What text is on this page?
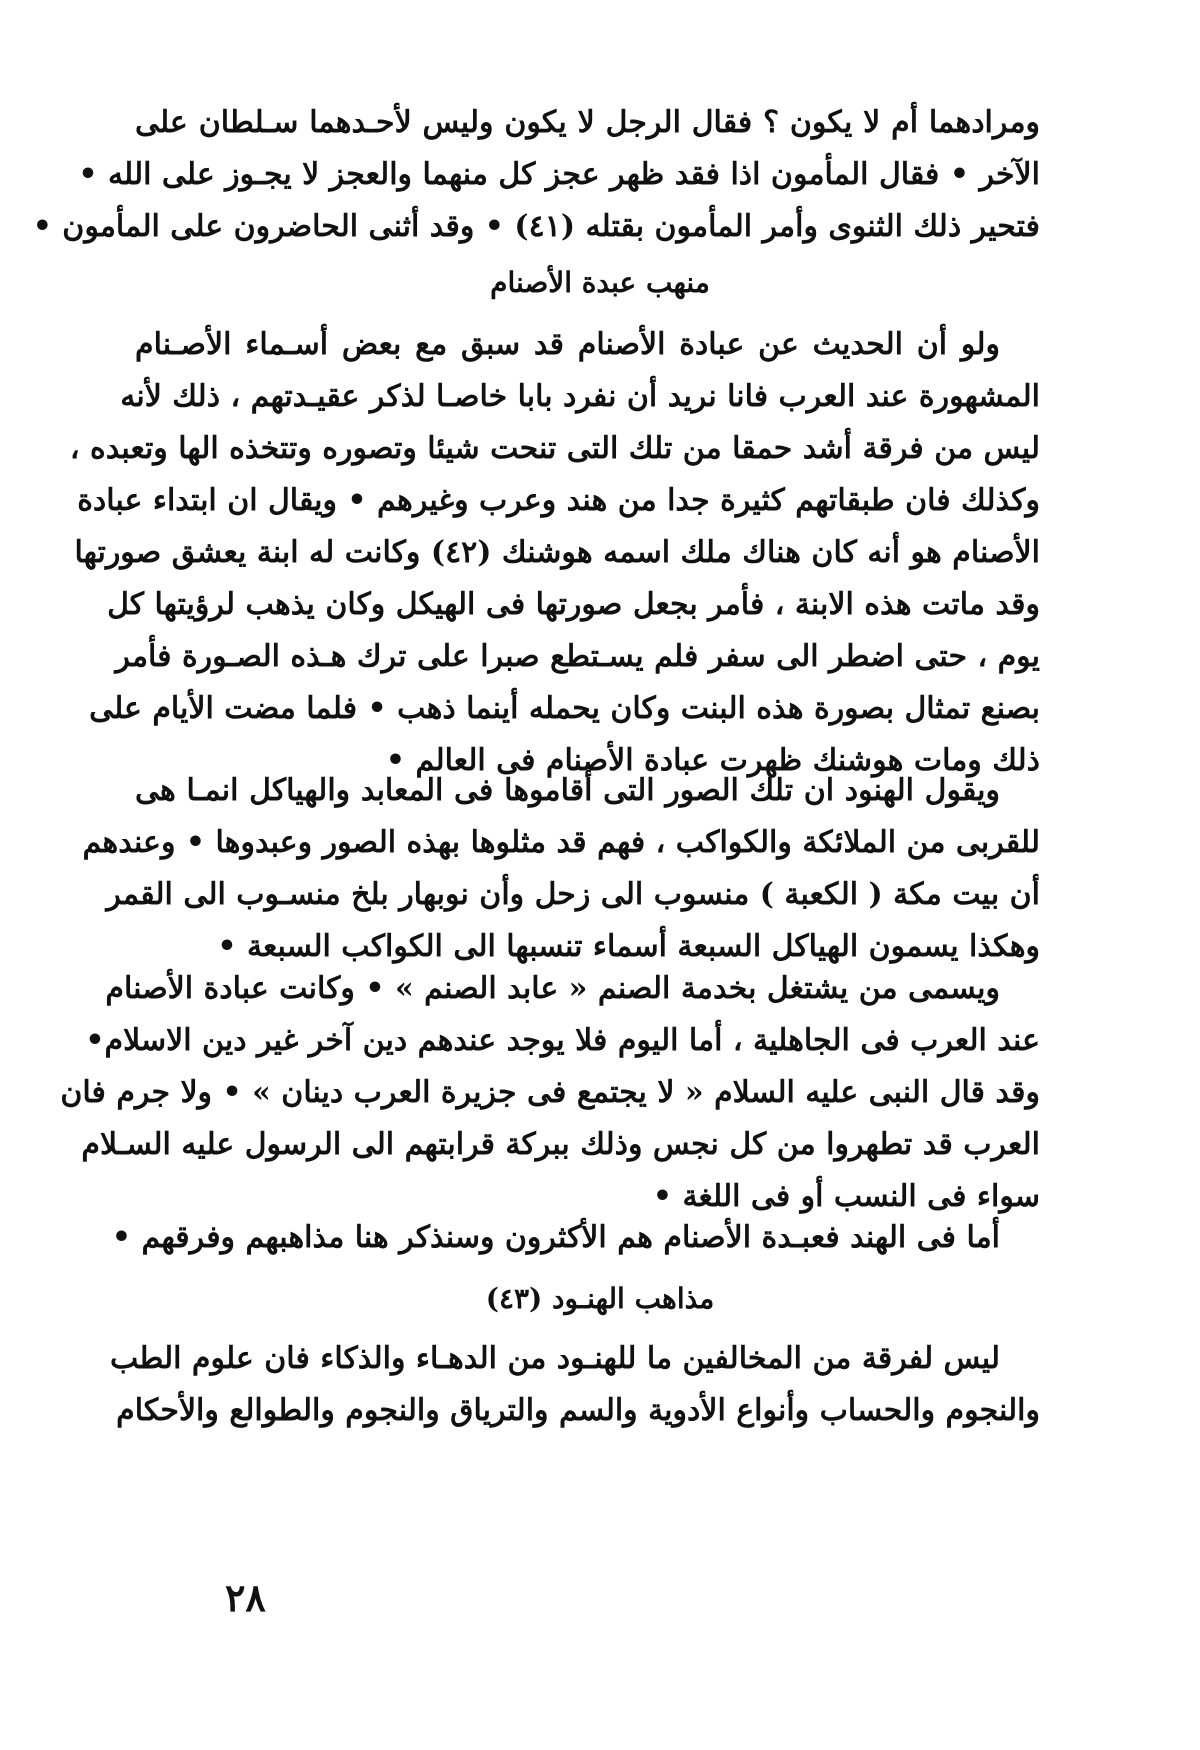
ومرادهما أم لا يكون ؟ فقال الرجل لا يكون وليس لأحـدهما سـلطان على
الآخر • فقال المأمون اذا فقد ظهر عجز كل منهما والعجز لا يجـوز على الله •
فتحير ذلك الثنوى وأمر المأمون بقتله (٤١) • وقد أثنى الحاضرون على المأمون •
منهب عبدة الأصنام
ولو أن الحديث عن عبادة الأصنام قد سبق مع بعض أسـماء الأصـنام
المشهورة عند العرب فانا نريد أن نفرد بابا خاصـا لذكر عقيـدتهم ، ذلك لأنه
ليس من فرقة أشد حمقا من تلك التى تنحت شيئا وتصوره وتتخذه الها وتعبده ،
وكذلك فان طبقاتهم كثيرة جدا من هند وعرب وغيرهم • ويقال ان ابتداء عبادة
الأصنام هو أنه كان هناك ملك اسمه هوشنك (٤٢) وكانت له ابنة يعشق صورتها
وقد ماتت هذه الابنة ، فأمر بجعل صورتها فى الهيكل وكان يذهب لرؤيتها كل
يوم ، حتى اضطر الى سفر فلم يسـتطع صبرا على ترك هـذه الصـورة فأمر
بصنع تمثال بصورة هذه البنت وكان يحمله أينما ذهب • فلما مضت الأيام على
ذلك ومات هوشنك ظهرت عبادة الأصنام فى العالم •
ويقول الهنود ان تلك الصور التى أقاموها فى المعابد والهياكل انمـا هى
للقربى من الملائكة والكواكب ، فهم قد مثلوها بهذه الصور وعبدوها • وعندهم
أن بيت مكة ( الكعبة ) منسوب الى زحل وأن نوبهار بلخ منسـوب الى القمر
وهكذا يسمون الهياكل السبعة أسماء تنسبها الى الكواكب السبعة •
ويسمى من يشتغل بخدمة الصنم « عابد الصنم » • وكانت عبادة الأصنام
عند العرب فى الجاهلية ، أما اليوم فلا يوجد عندهم دين آخر غير دين الاسلام•
وقد قال النبى عليه السلام « لا يجتمع فى جزيرة العرب دينان » • ولا جرم فان
العرب قد تطهروا من كل نجس وذلك ببركة قرابتهم الى الرسول عليه السـلام
سواء فى النسب أو فى اللغة •
أما فى الهند فعبـدة الأصنام هم الأكثرون وسنذكر هنا مذاهبهم وفرقهم •
مذاهب الهنـود (٤٣)
ليس لفرقة من المخالفين ما للهنـود من الدهـاء والذكاء فان علوم الطب
والنجوم والحساب وأنواع الأدوية والسم والترياق والنجوم والطوالع والأحكام
٢٨
